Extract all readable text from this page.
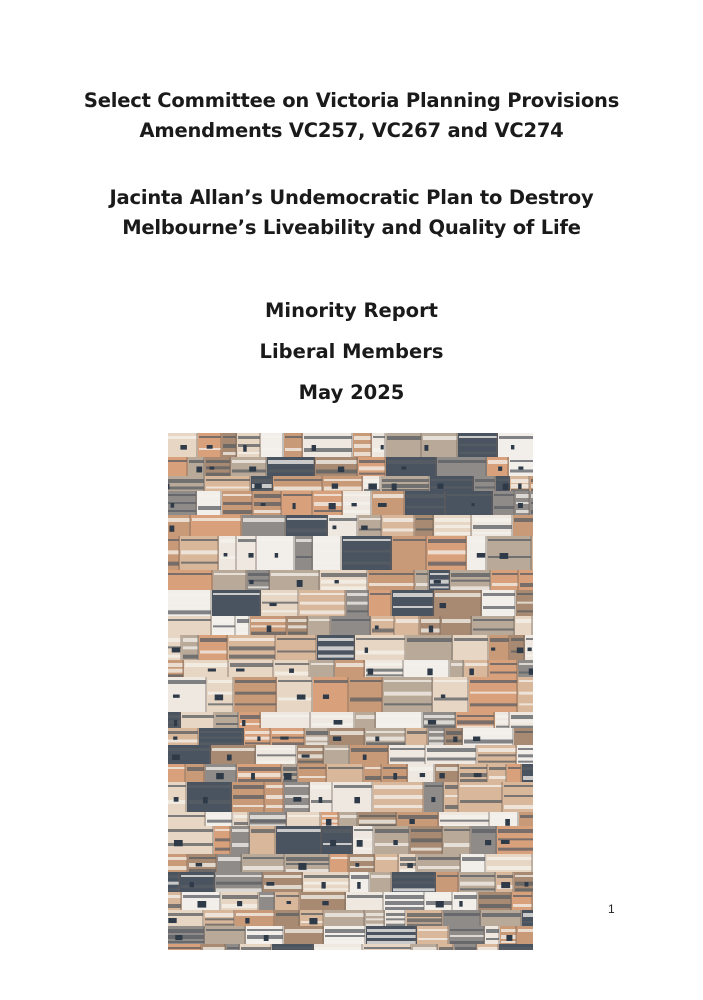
Select Committee on Victoria Planning Provisions
Amendments VC257, VC267 and VC274
Jacinta Allan’s Undemocratic Plan to Destroy
Melbourne’s Liveability and Quality of Life
Minority Report
Liberal Members
May 2025
1
